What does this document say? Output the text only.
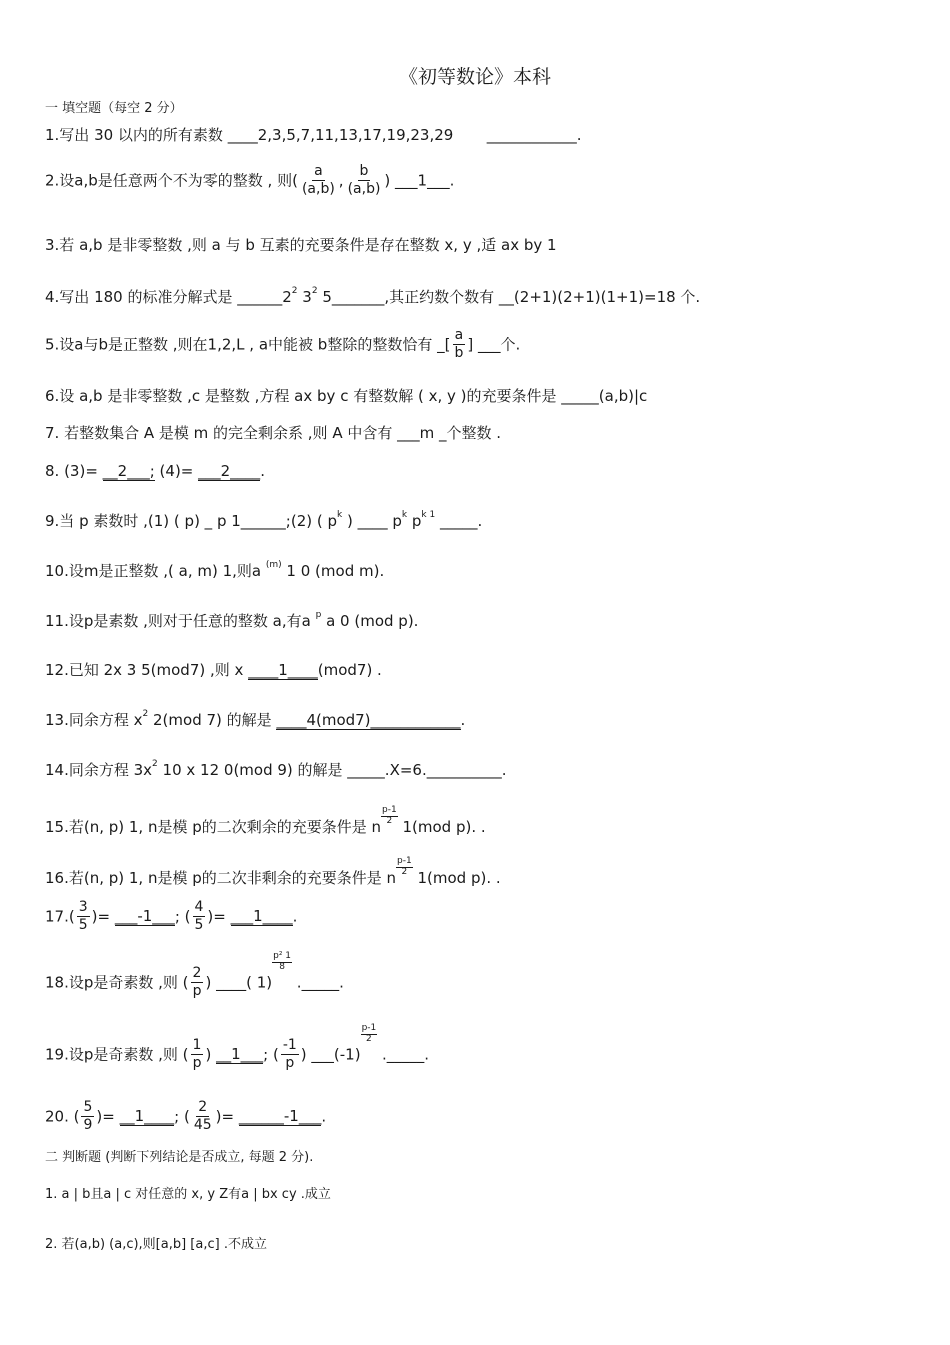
《初等数论》本科
一 填空题（每空 2 分）
1.写出 30 以内的所有素数 ____2,3,5,7,11,13,17,19,23,29 ____________.
2.设a,b是任意两个不为零的整数 , 则( $\frac{a}{(a,b)}$ , $\frac{b}{(a,b)}$ ) ___1___.
3.若 a,b 是非零整数 ,则 a 与 b 互素的充要条件是存在整数 x, y ,适 ax by 1
4.写出 180 的标准分解式是 $\_\_\_\_\_\_2^2$ $3^2$ 5_______,其正约数个数有 __(2+1)(2+1)(1+1)=18 个.
5.设a与b是正整数 ,则在1,2,L , a中能被 b整除的整数恰有 _[ $\frac{a}{b}$ ] ___个.
6.设 a,b 是非零整数 ,c 是整数 ,方程 ax by c 有整数解 ( x, y )的充要条件是 _____(a,b)|c
7. 若整数集合 A 是模 m 的完全剩余系 ,则 A 中含有 ___m _个整数 .
8. (3)= __2___; (4)= ___2____.
9.当 p 素数时 ,(1) ( p) _ p 1______;(2) ( $p^k$ ) ____ $p^k$ $p^{k 1}$ _____.
10.设m是正整数 ,( a, m) 1,则a $^{(m)}$ 1 0 (mod m).
11.设p是素数 ,则对于任意的整数 a,有a $^p$ a 0 (mod p).
12.已知 2x 3 5(mod7) ,则 x ____1____(mod7) .
13.同余方程 $x^2$ 2(mod 7) 的解是 ____4(mod7)____________.
14.同余方程 $3x^2$ 10 x 12 0(mod 9) 的解是 _____.X=6.__________.
15.若(n, p) 1, n是模 p的二次剩余的充要条件是 n
$\frac{p-1}{2}$
1(mod p). .
16.若(n, p) 1, n是模 p的二次非剩余的充要条件是 n
$\frac{p-1}{2}$
1(mod p). .
$17.( \frac{3}{5}$ )= ___-1___; ( $\frac{4}{5}$ )= ___1____.
18.设p是奇素数 ,则 ( $\frac{2}{p}$ ) ____( 1)
$\frac{\text{p² 1}}{8}$
._____.
19.设p是奇素数 ,则 ( $\frac{1}{p}$ ) __1___; ( $\frac{-1}{p}$ ) ___(-1)
$\frac{p-1}{2}$
._____.
20. ( $\frac{5}{9}$ )= __1____; ( $\frac{2}{45}$ )= ______-1___.
二 判断题 (判断下列结论是否成立, 每题 2 分).
1. a | b且a | c 对任意的 x, y Z有a | bx cy .成立
2. 若(a,b) (a,c),则[a,b] [a,c] .不成立
